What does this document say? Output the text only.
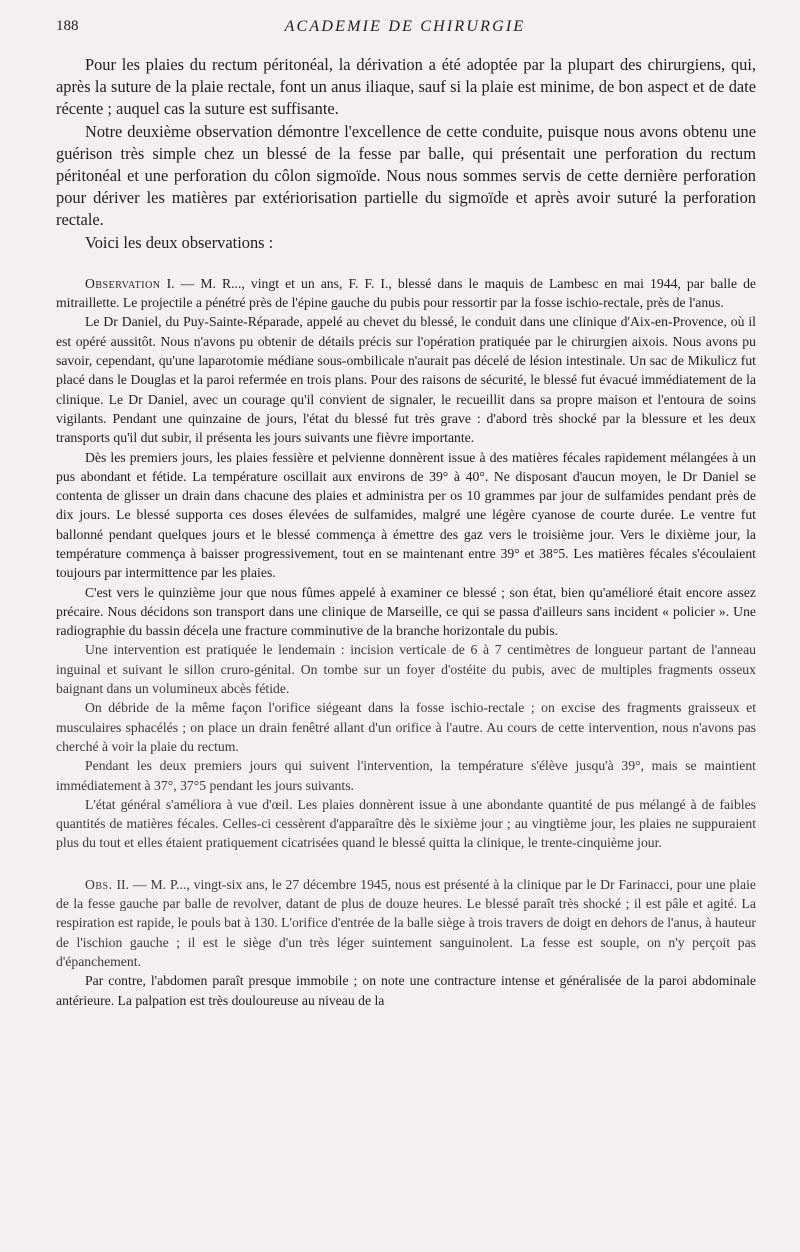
188	ACADEMIE DE CHIRURGIE

Pour les plaies du rectum péritonéal, la dérivation a été adoptée par la plupart des chirurgiens, qui, après la suture de la plaie rectale, font un anus iliaque, sauf si la plaie est minime, de bon aspect et de date récente ; auquel cas la suture est suffisante.

Notre deuxième observation démontre l'excellence de cette conduite, puisque nous avons obtenu une guérison très simple chez un blessé de la fesse par balle, qui présentait une perforation du rectum péritonéal et une perforation du côlon sigmoïde. Nous nous sommes servis de cette dernière perforation pour dériver les matières par extériorisation partielle du sigmoïde et après avoir suturé la perforation rectale.

Voici les deux observations :

Observation I. — M. R..., vingt et un ans, F. F. I., blessé dans le maquis de Lambesc en mai 1944, par balle de mitraillette. Le projectile a pénétré près de l'épine gauche du pubis pour ressortir par la fosse ischio-rectale, près de l'anus.

Le Dr Daniel, du Puy-Sainte-Réparade, appelé au chevet du blessé, le conduit dans une clinique d'Aix-en-Provence, où il est opéré aussitôt. Nous n'avons pu obtenir de détails précis sur l'opération pratiquée par le chirurgien aixois. Nous avons pu savoir, cependant, qu'une laparotomie médiane sous-ombilicale n'aurait pas décelé de lésion intestinale. Un sac de Mikulicz fut placé dans le Douglas et la paroi refermée en trois plans. Pour des raisons de sécurité, le blessé fut évacué immédiatement de la clinique. Le Dr Daniel, avec un courage qu'il convient de signaler, le recueillit dans sa propre maison et l'entoura de soins vigilants. Pendant une quinzaine de jours, l'état du blessé fut très grave : d'abord très shocké par la blessure et les deux transports qu'il dut subir, il présenta les jours suivants une fièvre importante.

Dès les premiers jours, les plaies fessière et pelvienne donnèrent issue à des matières fécales rapidement mélangées à un pus abondant et fétide. La température oscillait aux environs de 39° à 40°. Ne disposant d'aucun moyen, le Dr Daniel se contenta de glisser un drain dans chacune des plaies et administra per os 10 grammes par jour de sulfamides pendant près de dix jours. Le blessé supporta ces doses élevées de sulfamides, malgré une légère cyanose de courte durée. Le ventre fut ballonné pendant quelques jours et le blessé commença à émettre des gaz vers le troisième jour. Vers le dixième jour, la température commença à baisser progressivement, tout en se maintenant entre 39° et 38°5. Les matières fécales s'écoulaient toujours par intermittence par les plaies.

C'est vers le quinzième jour que nous fûmes appelé à examiner ce blessé ; son état, bien qu'amélioré était encore assez précaire. Nous décidons son transport dans une clinique de Marseille, ce qui se passa d'ailleurs sans incident « policier ». Une radiographie du bassin décela une fracture comminutive de la branche horizontale du pubis.

Une intervention est pratiquée le lendemain : incision verticale de 6 à 7 centimètres de longueur partant de l'anneau inguinal et suivant le sillon cruro-génital. On tombe sur un foyer d'ostéite du pubis, avec de multiples fragments osseux baignant dans un volumineux abcès fétide.

On débride de la même façon l'orifice siégeant dans la fosse ischio-rectale ; on excise des fragments graisseux et musculaires sphacélés ; on place un drain fenêtré allant d'un orifice à l'autre. Au cours de cette intervention, nous n'avons pas cherché à voir la plaie du rectum.

Pendant les deux premiers jours qui suivent l'intervention, la température s'élève jusqu'à 39°, mais se maintient immédiatement à 37°, 37°5 pendant les jours suivants.

L'état général s'améliora à vue d'œil. Les plaies donnèrent issue à une abondante quantité de pus mélangé à de faibles quantités de matières fécales. Celles-ci cessèrent d'apparaître dès le sixième jour ; au vingtième jour, les plaies ne suppuraient plus du tout et elles étaient pratiquement cicatrisées quand le blessé quitta la clinique, le trente-cinquième jour.

Obs. II. — M. P..., vingt-six ans, le 27 décembre 1945, nous est présenté à la clinique par le Dr Farinacci, pour une plaie de la fesse gauche par balle de revolver, datant de plus de douze heures. Le blessé paraît très shocké ; il est pâle et agité. La respiration est rapide, le pouls bat à 130. L'orifice d'entrée de la balle siège à trois travers de doigt en dehors de l'anus, à hauteur de l'ischion gauche ; il est le siège d'un très léger suintement sanguinolent. La fesse est souple, on n'y perçoit pas d'épanchement.

Par contre, l'abdomen paraît presque immobile ; on note une contracture intense et généralisée de la paroi abdominale antérieure. La palpation est très douloureuse au niveau de la
